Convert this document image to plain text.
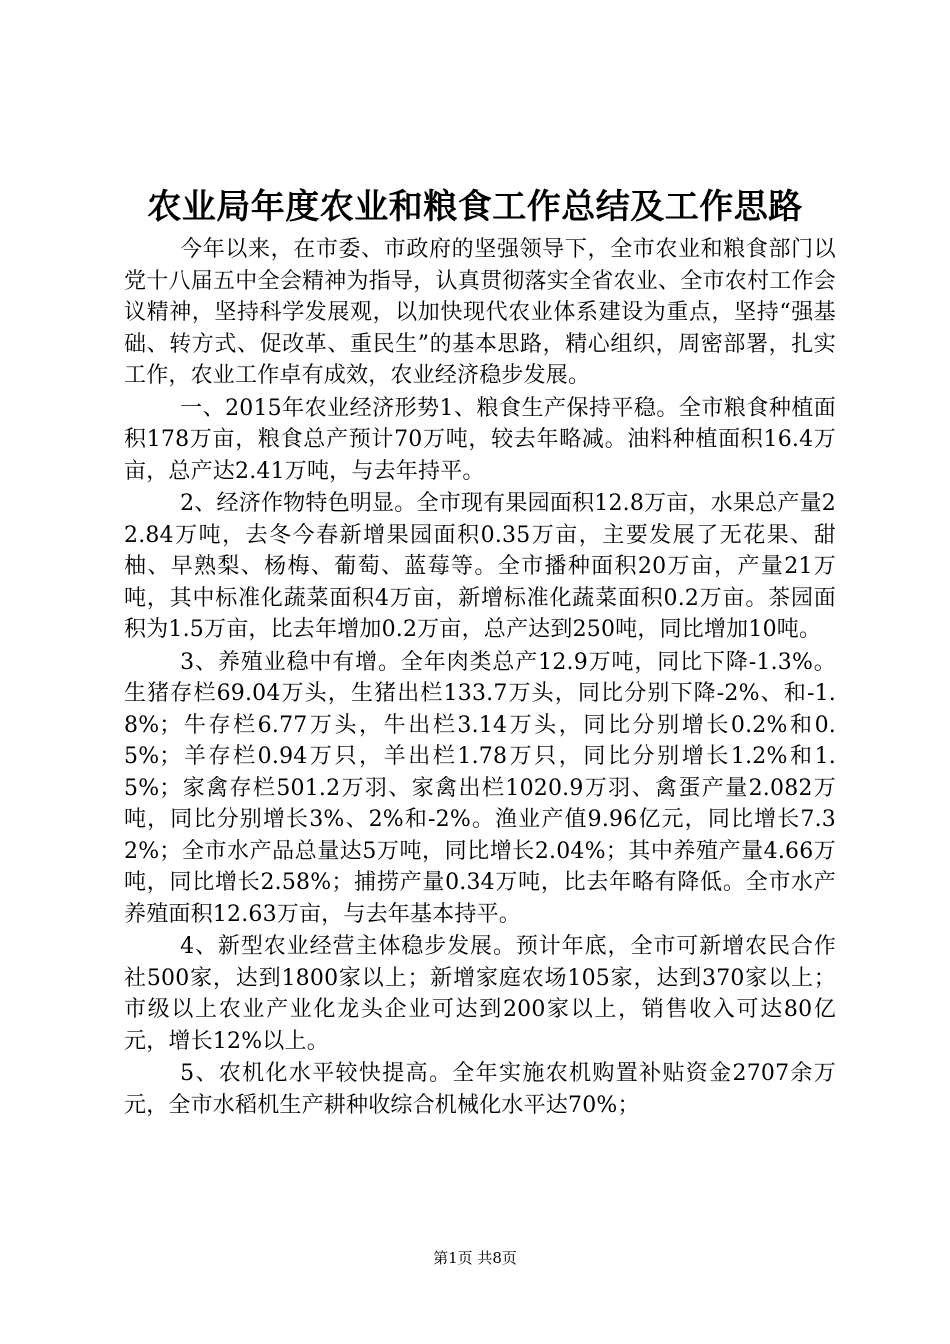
农业局年度农业和粮食工作总结及工作思路

今年以来，在市委、市政府的坚强领导下，全市农业和粮食部门以党十八届五中全会精神为指导，认真贯彻落实全省农业、全市农村工作会议精神，坚持科学发展观，以加快现代农业体系建设为重点，坚持“强基础、转方式、促改革、重民生”的基本思路，精心组织，周密部署，扎实工作，农业工作卓有成效，农业经济稳步发展。

一、2015年农业经济形势1、粮食生产保持平稳。全市粮食种植面积178万亩，粮食总产预计70万吨，较去年略减。油料种植面积16.4万亩，总产达2.41万吨，与去年持平。

2、经济作物特色明显。全市现有果园面积12.8万亩，水果总产量22.84万吨，去冬今春新增果园面积0.35万亩，主要发展了无花果、甜柚、早熟梨、杨梅、葡萄、蓝莓等。全市播种面积20万亩，产量21万吨，其中标准化蔬菜面积4万亩，新增标准化蔬菜面积0.2万亩。茶园面积为1.5万亩，比去年增加0.2万亩，总产达到250吨，同比增加10吨。

3、养殖业稳中有增。全年肉类总产12.9万吨，同比下降-1.3%。生猪存栏69.04万头，生猪出栏133.7万头，同比分别下降-2%、和-1.8%；牛存栏6.77万头，牛出栏3.14万头，同比分别增长0.2%和0.5%；羊存栏0.94万只，羊出栏1.78万只，同比分别增长1.2%和1.5%；家禽存栏501.2万羽、家禽出栏1020.9万羽、禽蛋产量2.082万吨，同比分别增长3%、2%和-2%。渔业产值9.96亿元，同比增长7.32%；全市水产品总量达5万吨，同比增长2.04%；其中养殖产量4.66万吨，同比增长2.58%；捕捞产量0.34万吨，比去年略有降低。全市水产养殖面积12.63万亩，与去年基本持平。

4、新型农业经营主体稳步发展。预计年底，全市可新增农民合作社500家，达到1800家以上；新增家庭农场105家，达到370家以上；市级以上农业产业化龙头企业可达到200家以上，销售收入可达80亿元，增长12%以上。

5、农机化水平较快提高。全年实施农机购置补贴资金2707余万元，全市水稻机生产耕种收综合机械化水平达70%；

第1页 共8页
